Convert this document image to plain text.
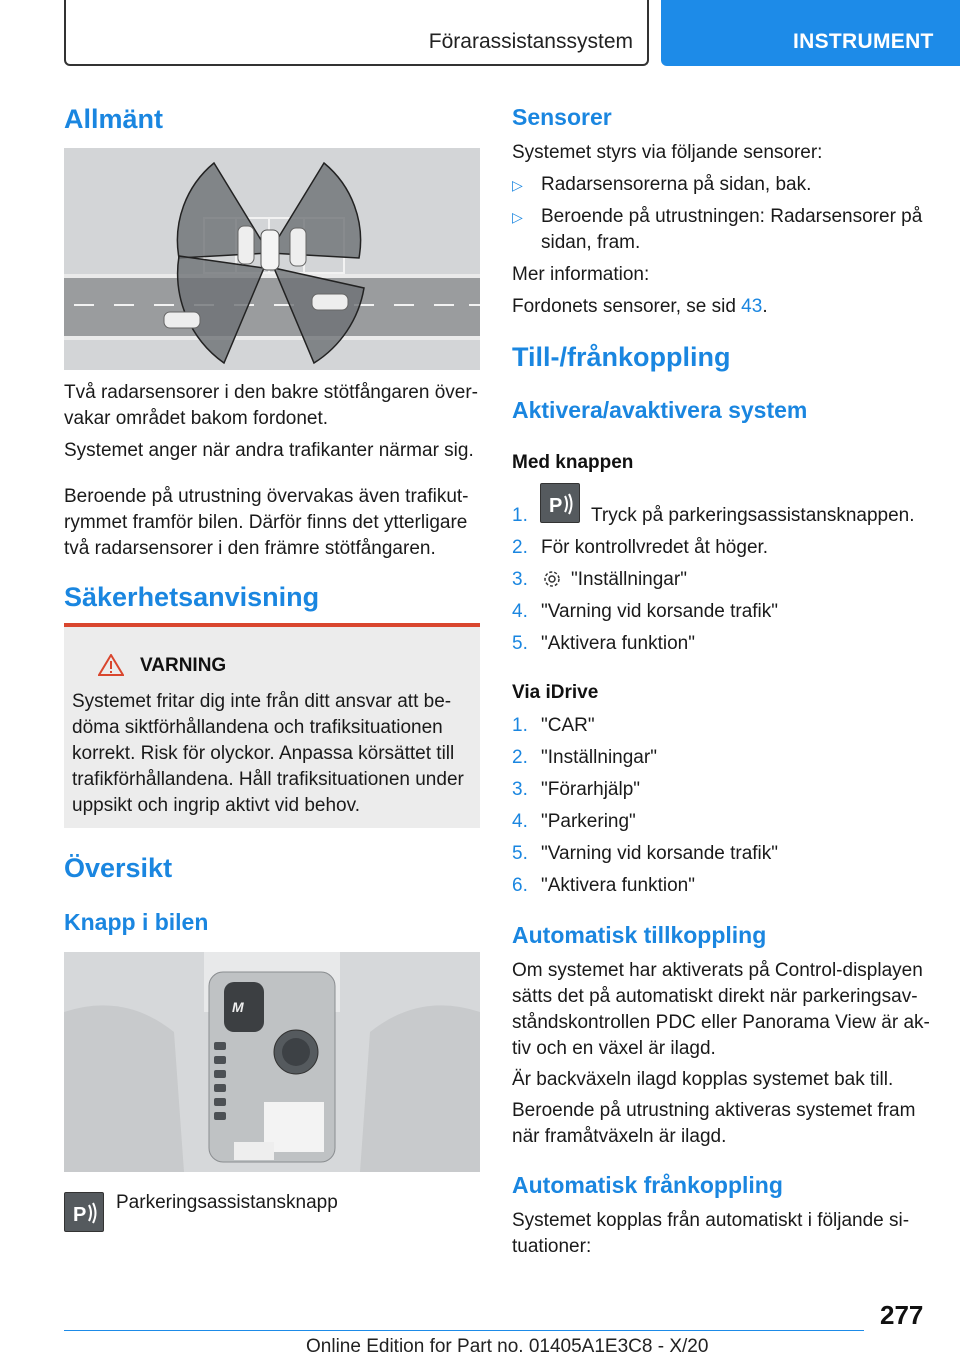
Förarassistanssystem	INSTRUMENT
Allmänt
Två radarsensorer i den bakre stötfångaren över-
vakar området bakom fordonet.
Systemet anger när andra trafikanter närmar sig.
Beroende på utrustning övervakas även trafikut-
rymmet framför bilen. Därför finns det ytterligare
två radarsensorer i den främre stötfångaren.
Säkerhetsanvisning
VARNING
Systemet fritar dig inte från ditt ansvar att be-
döma siktförhållandena och trafiksituationen
korrekt. Risk för olyckor. Anpassa körsättet till
trafikförhållandena. Håll trafiksituationen under
uppsikt och ingrip aktivt vid behov.
Översikt
Knapp i bilen
M
P
Parkeringsassistansknapp
Sensorer
Systemet styrs via följande sensorer:
▷ Radarsensorerna på sidan, bak.
▷ Beroende på utrustningen: Radarsensorer på
sidan, fram.
Mer information:
Fordonets sensorer, se sid 43.
Till-/frånkoppling
Aktivera/avaktivera system
Med knappen
1. P Tryck på parkeringsassistansknappen.
2. För kontrollvredet åt höger.
3. "Inställningar"
4. "Varning vid korsande trafik"
5. "Aktivera funktion"
Via iDrive
1. "CAR"
2. "Inställningar"
3. "Förarhjälp"
4. "Parkering"
5. "Varning vid korsande trafik"
6. "Aktivera funktion"
Automatisk tillkoppling
Om systemet har aktiverats på Control-displayen
sätts det på automatiskt direkt när parkeringsav-
ståndskontrollen PDC eller Panorama View är ak-
tiv och en växel är ilagd.
Är backväxeln ilagd kopplas systemet bak till.
Beroende på utrustning aktiveras systemet fram
när framåtväxeln är ilagd.
Automatisk frånkoppling
Systemet kopplas från automatiskt i följande si-
tuationer:
277
Online Edition for Part no. 01405A1E3C8 - X/20
